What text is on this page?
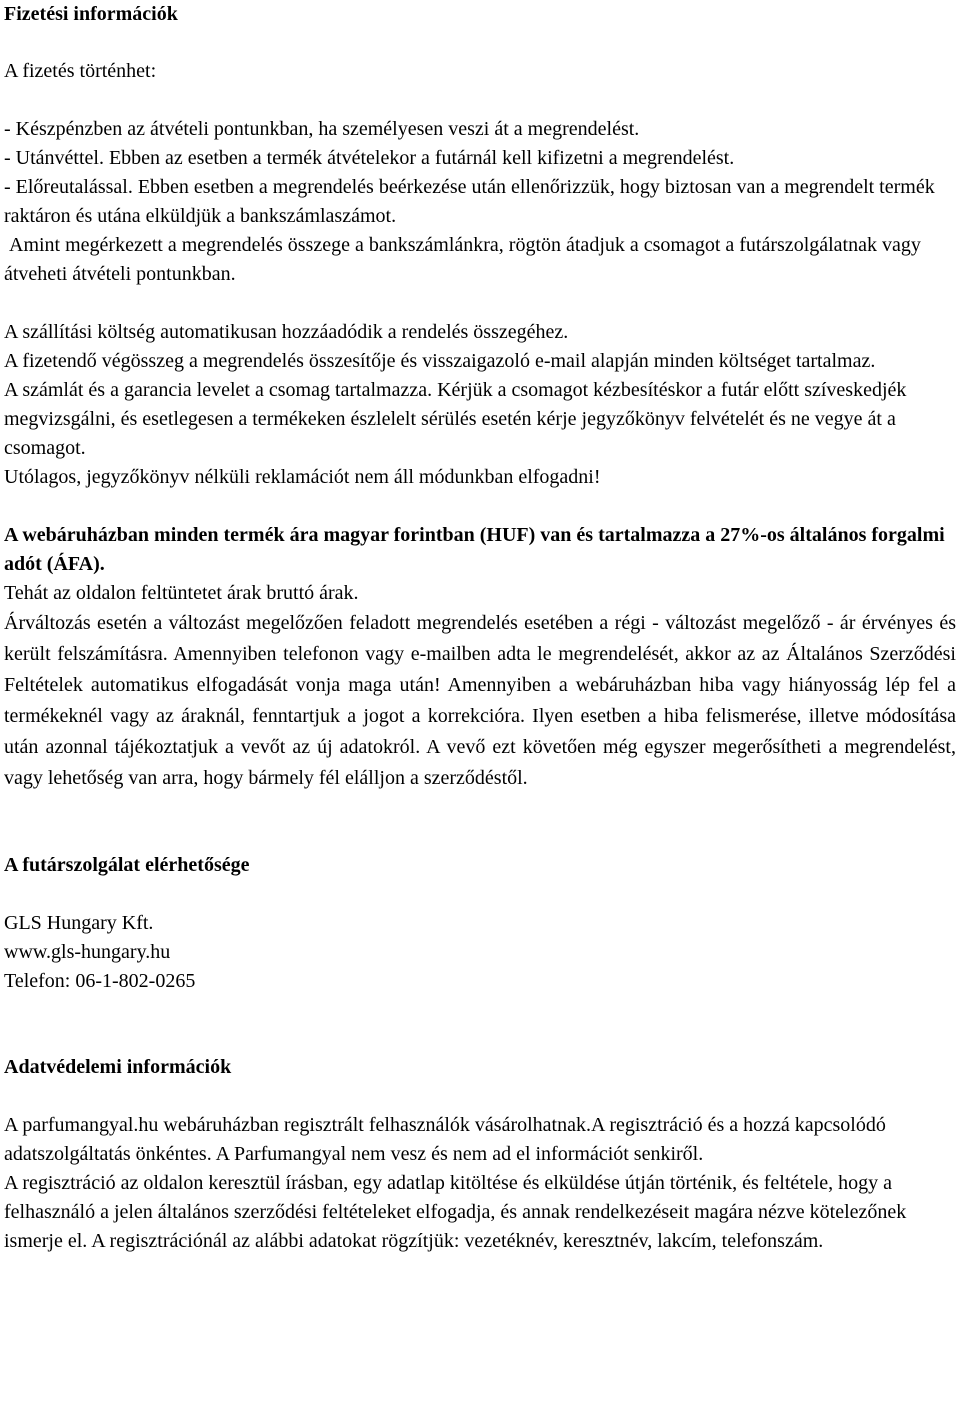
Fizetési információk

A fizetés történhet:

- Készpénzben az átvételi pontunkban, ha személyesen veszi át a megrendelést.

- Utánvéttel. Ebben az esetben a termék átvételekor a futárnál kell kifizetni a megrendelést.

- Előreutalással. Ebben esetben a megrendelés beérkezése után ellenőrizzük, hogy biztosan van a megrendelt termék raktáron és utána elküldjük a bankszámlaszámot.

Amint megérkezett a megrendelés összege a bankszámlánkra, rögtön átadjuk a csomagot a futárszolgálatnak vagy átveheti átvételi pontunkban.

A szállítási költség automatikusan hozzáadódik a rendelés összegéhez.

A fizetendő végösszeg a megrendelés összesítője és visszaigazoló e-mail alapján minden költséget tartalmaz.

A számlát és a garancia levelet a csomag tartalmazza. Kérjük a csomagot kézbesítéskor a futár előtt szíveskedjék megvizsgálni, és esetlegesen a termékeken észlelelt sérülés esetén kérje jegyzőkönyv felvételét és ne vegye át a csomagot.

Utólagos, jegyzőkönyv nélküli reklamációt nem áll módunkban elfogadni!

A webáruházban minden termék ára magyar forintban (HUF) van és tartalmazza a 27%-os általános forgalmi adót (ÁFA).

Tehát az oldalon feltüntetet árak bruttó árak.

Árváltozás esetén a változást megelőzően feladott megrendelés esetében a régi - változást megelőző - ár érvényes és került felszámításra. Amennyiben telefonon vagy e-mailben adta le megrendelését, akkor az az Általános Szerződési Feltételek automatikus elfogadását vonja maga után! Amennyiben a webáruházban hiba vagy hiányosság lép fel a termékeknél vagy az áraknál, fenntartjuk a jogot a korrekcióra. Ilyen esetben a hiba felismerése, illetve módosítása után azonnal tájékoztatjuk a vevőt az új adatokról. A vevő ezt követően még egyszer megerősítheti a megrendelést, vagy lehetőség van arra, hogy bármely fél elálljon a szerződéstől.

A futárszolgálat elérhetősége

GLS Hungary Kft.

www.gls-hungary.hu

Telefon: 06-1-802-0265

Adatvédelemi információk

A parfumangyal.hu webáruházban regisztrált felhasználók vásárolhatnak.A regisztráció és a hozzá kapcsolódó adatszolgáltatás önkéntes. A Parfumangyal nem vesz és nem ad el információt senkiről.

A regisztráció az oldalon keresztül írásban, egy adatlap kitöltése és elküldése útján történik, és feltétele, hogy a felhasználó a jelen általános szerződési feltételeket elfogadja, és annak rendelkezéseit magára nézve kötelezőnek ismerje el. A regisztrációnál az alábbi adatokat rögzítjük: vezetéknév, keresztnév, lakcím, telefonszám.
